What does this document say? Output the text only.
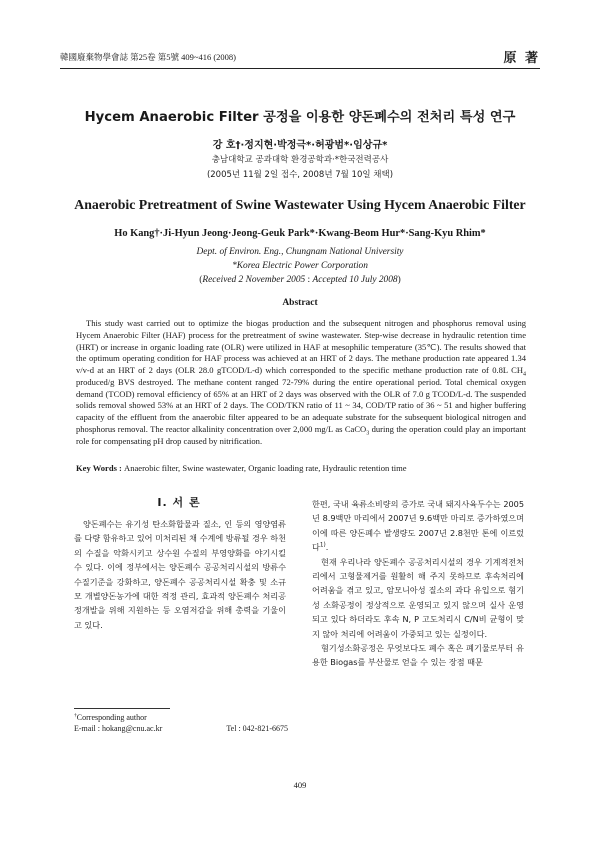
韓國廢棄物學會誌 第25卷 第5號 409~416 (2008)	原 著
Hycem Anaerobic Filter 공정을 이용한 양돈폐수의 전처리 특성 연구
강 호†·정지현·박정극*·허광범*·임상규*
충남대학교 공과대학 환경공학과·*한국전력공사
(2005년 11월 2일 접수, 2008년 7월 10일 채택)
Anaerobic Pretreatment of Swine Wastewater Using Hycem Anaerobic Filter
Ho Kang†·Ji-Hyun Jeong·Jeong-Geuk Park*·Kwang-Beom Hur*·Sang-Kyu Rhim*
Dept. of Environ. Eng., Chungnam National University
*Korea Electric Power Corporation
(Received 2 November 2005 : Accepted 10 July 2008)
Abstract
This study wast carried out to optimize the biogas production and the subsequent nitrogen and phosphorus removal using Hycem Anaerobic Filter (HAF) process for the pretreatment of swine wastewater. Step-wise decrease in hydraulic retention time (HRT) or increase in organic loading rate (OLR) were utilized in HAF at mesophilic temperature (35℃). The results showed that the optimum operating condition for HAF process was achieved at an HRT of 2 days. The methane production rate appeared 1.34 v/v-d at an HRT of 2 days (OLR 28.0 gTCOD/L-d) which corresponded to the specific methane production rate of 0.8L $CH_4$ produced/g BVS destroyed. The methane content ranged 72-79% during the entire operational period. Total chemical oxygen demand (TCOD) removal efficiency of 65% at an HRT of 2 days was observed with the OLR of 7.0 g TCOD/L-d. The suspended solids removal showed 53% at an HRT of 2 days. The COD/TKN ratio of 11 ~ 34, COD/TP ratio of 36 ~ 51 and higher buffering capacity of the effluent from the anaerobic filter appeared to be an adequate substrate for the subsequent biological nitrogen and phosphorus removal. The reactor alkalinity concentration over 2,000 mg/L as CaCO$_3$ during the operation could play an important role for compensating pH drop caused by nitrification.
Key Words : Anaerobic filter, Swine wastewater, Organic loading rate, Hydraulic retention time
I. 서 론

양돈폐수는 유기성 탄소화합물과 질소, 인 등의 영양염류를 다량 함유하고 있어 미처리된 채 수계에 방류될 경우 하천의 수질을 악화시키고 상수원 수질의 부영양화를 야기시킬 수 있다. 이에 정부에서는 양돈폐수 공공처리시설의 방류수 수질기준을 강화하고, 양돈폐수 공공처리시설 확충 및 소규모 개별양돈농가에 대한 적정 관리, 효과적 양돈폐수 처리공정개발을 위해 지원하는 등 오염저감을 위해 총력을 기울이고 있다.

한편, 국내 육류소비량의 증가로 국내 돼지사육두수는 2005년 8.9백만 마리에서 2007년 9.6백만 마리로 증가하였으며 이에 따른 양돈폐수 발생량도 2007년 2.8천만 톤에 이르렀다$^{1)}$.

현재 우리나라 양돈폐수 공공처리시설의 경우 기계적전처리에서 고형물제거를 원활히 해 주지 못하므로 후속처리에 어려움을 겪고 있고, 암모니아성 질소의 과다 유입으로 혐기성 소화공정이 정상적으로 운영되고 있지 않으며 실사 운영되고 있다 하더라도 후속 N, P 고도처리시 C/N비 균형이 맞지 않아 처리에 어려움이 가중되고 있는 실정이다.

혐기성소화공정은 무엇보다도 폐수 혹은 폐기물로부터 유용한 Biogas를 부산물로 얻을 수 있는 장점 때문

†Corresponding author
E-mail : hokang@cnu.ac.kr	Tel : 042-821-6675
409
